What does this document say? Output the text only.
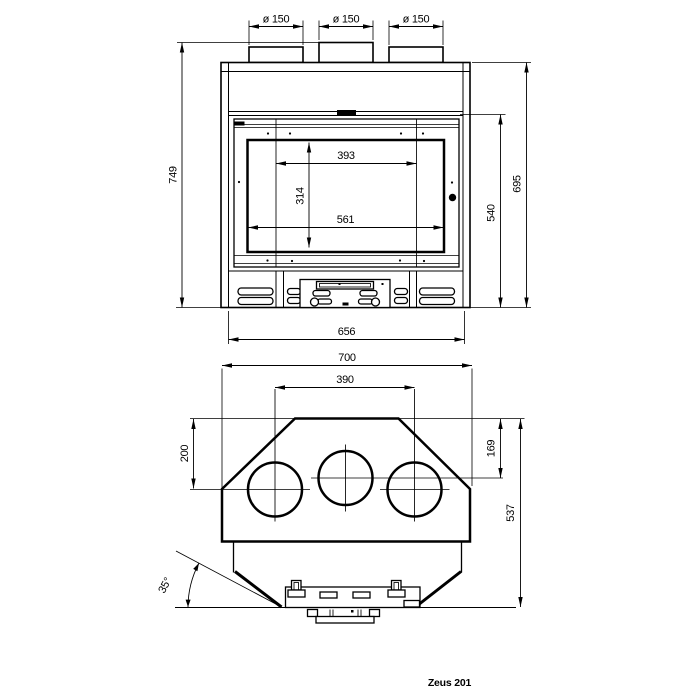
ø 150	ø 150	ø 150
393
314
561
749
695
540
656
700
390
200	169
537
35°
Zeus 201
